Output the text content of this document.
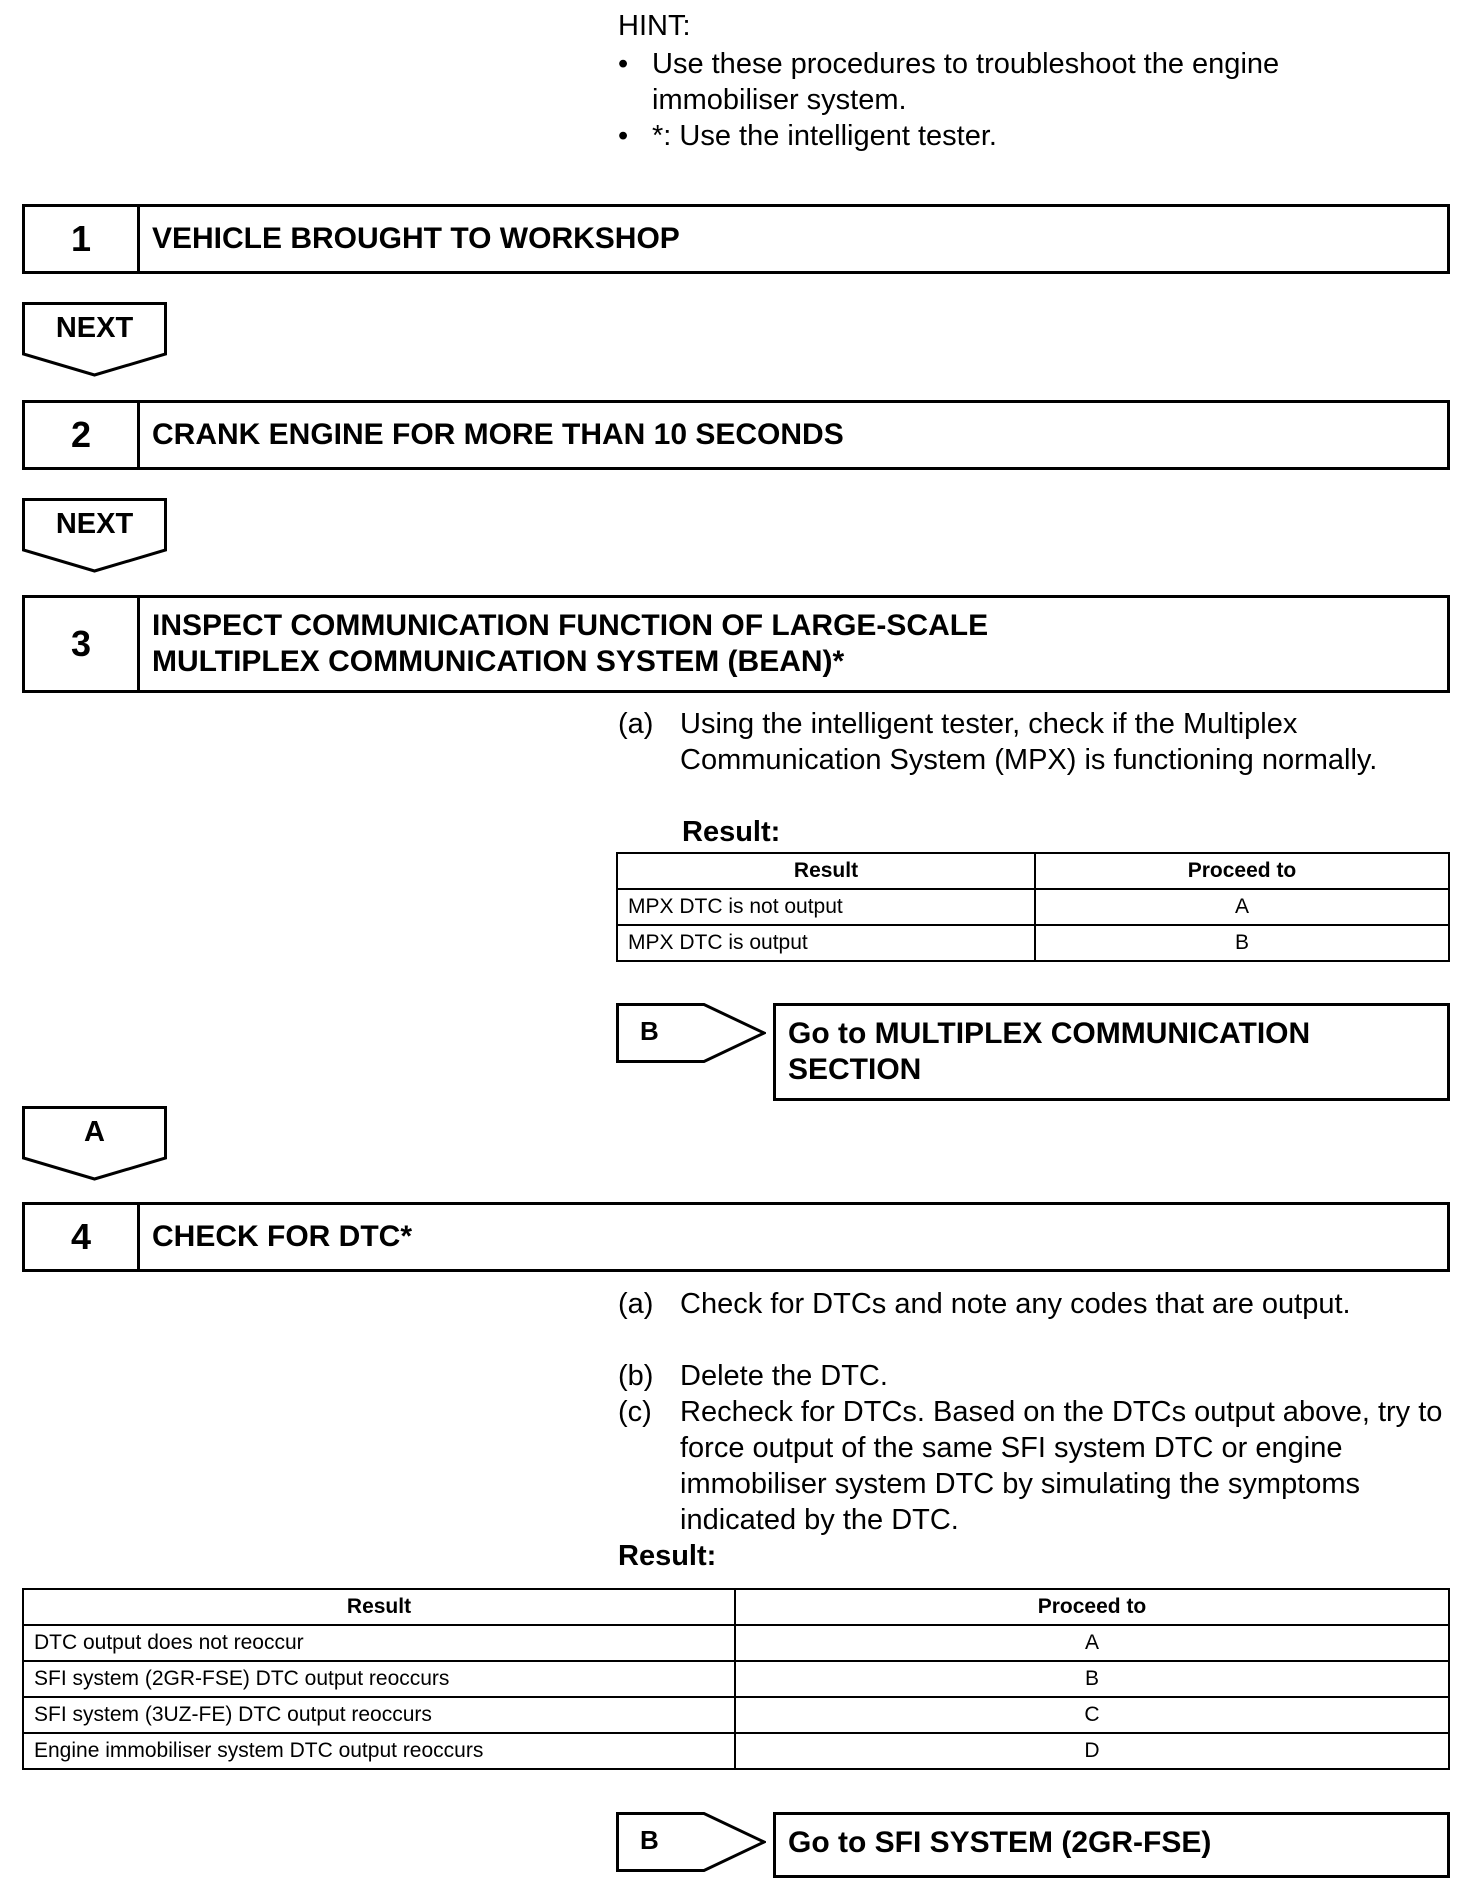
HINT:
• Use these procedures to troubleshoot the engine immobiliser system.
• *: Use the intelligent tester.
1	VEHICLE BROUGHT TO WORKSHOP
NEXT
2	CRANK ENGINE FOR MORE THAN 10 SECONDS
NEXT
3	INSPECT COMMUNICATION FUNCTION OF LARGE-SCALE MULTIPLEX COMMUNICATION SYSTEM (BEAN)*
(a) Using the intelligent tester, check if the Multiplex Communication System (MPX) is functioning normally.
Result:
Result	Proceed to
MPX DTC is not output	A
MPX DTC is output	B
B	Go to MULTIPLEX COMMUNICATION SECTION
A
4	CHECK FOR DTC*
(a) Check for DTCs and note any codes that are output.
(b) Delete the DTC.
(c) Recheck for DTCs. Based on the DTCs output above, try to force output of the same SFI system DTC or engine immobiliser system DTC by simulating the symptoms indicated by the DTC.
Result:
Result	Proceed to
DTC output does not reoccur	A
SFI system (2GR-FSE) DTC output reoccurs	B
SFI system (3UZ-FE) DTC output reoccurs	C
Engine immobiliser system DTC output reoccurs	D
B	Go to SFI SYSTEM (2GR-FSE)
